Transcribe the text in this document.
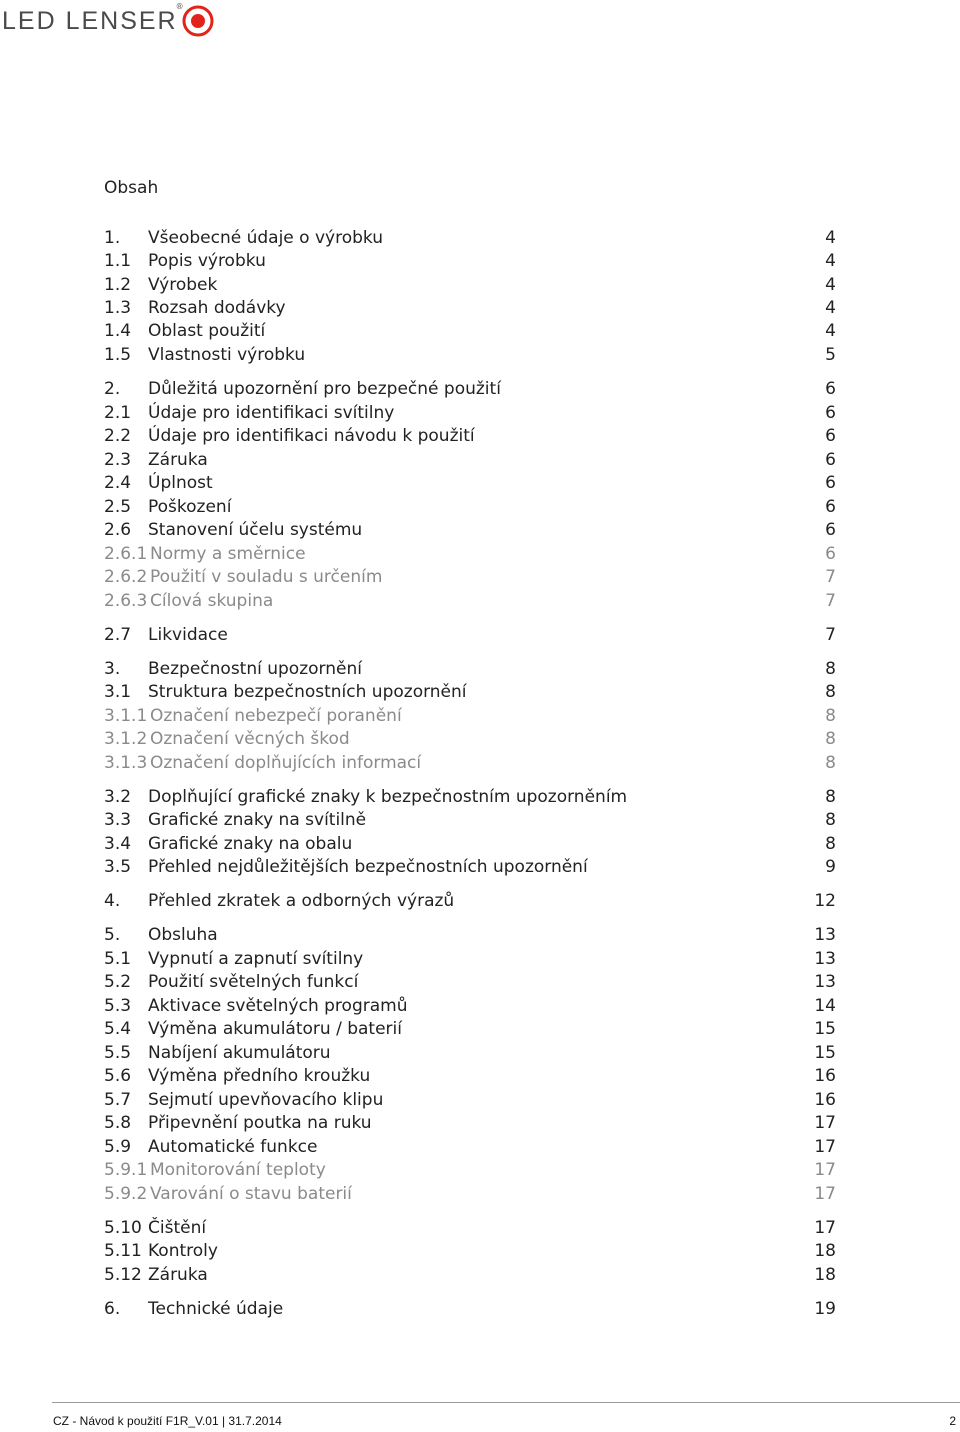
LED LENSER
®
Obsah
1. Všeobecné údaje o výrobku	4
1.1 Popis výrobku	4
1.2 Výrobek	4
1.3 Rozsah dodávky	4
1.4 Oblast použití	4
1.5 Vlastnosti výrobku	5
2. Důležitá upozornění pro bezpečné použití	6
2.1 Údaje pro identifikaci svítilny	6
2.2 Údaje pro identifikaci návodu k použití	6
2.3 Záruka	6
2.4 Úplnost	6
2.5 Poškození	6
2.6 Stanovení účelu systému	6
2.6.1 Normy a směrnice	6
2.6.2 Použití v souladu s určením	7
2.6.3 Cílová skupina	7
2.7 Likvidace	7
3. Bezpečnostní upozornění	8
3.1 Struktura bezpečnostních upozornění	8
3.1.1 Označení nebezpečí poranění	8
3.1.2 Označení věcných škod	8
3.1.3 Označení doplňujících informací	8
3.2 Doplňující grafické znaky k bezpečnostním upozorněním	8
3.3 Grafické znaky na svítilně	8
3.4 Grafické znaky na obalu	8
3.5 Přehled nejdůležitějších bezpečnostních upozornění	9
4. Přehled zkratek a odborných výrazů	12
5. Obsluha	13
5.1 Vypnutí a zapnutí svítilny	13
5.2 Použití světelných funkcí	13
5.3 Aktivace světelných programů	14
5.4 Výměna akumulátoru / baterií	15
5.5 Nabíjení akumulátoru	15
5.6 Výměna předního kroužku	16
5.7 Sejmutí upevňovacího klipu	16
5.8 Připevnění poutka na ruku	17
5.9 Automatické funkce	17
5.9.1 Monitorování teploty	17
5.9.2 Varování o stavu baterií	17
5.10 Čištění	17
5.11 Kontroly	18
5.12 Záruka	18
6. Technické údaje	19
CZ - Návod k použití F1R_V.01 | 31.7.2014	2
